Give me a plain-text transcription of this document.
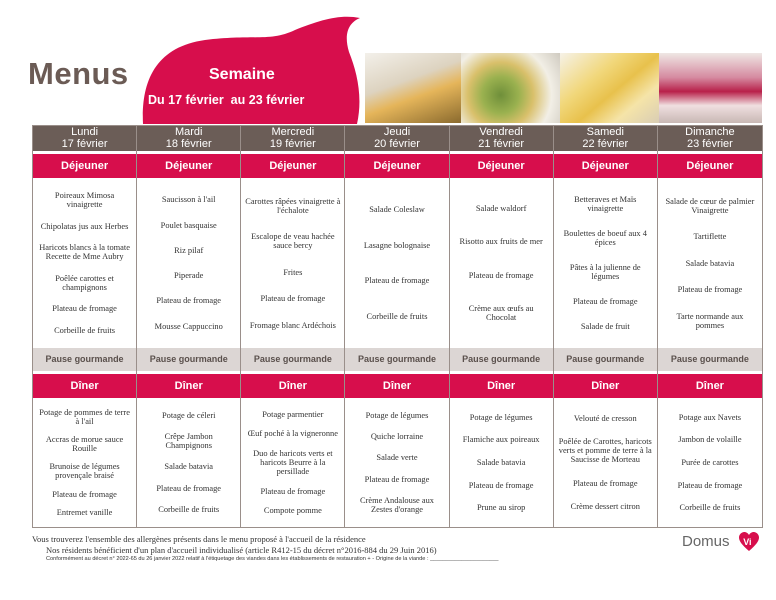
Menus	Semaine
Du 17 février  au 23 février
Lundi
17 février
Déjeuner
Poireaux Mimosa vinaigrette
Chipolatas jus aux Herbes
Haricots blancs à la tomate
Recette de Mme Aubry
Poêlée carottes et champignons
Plateau de fromage
Corbeille de fruits
Pause gourmande
Dîner
Potage de pommes de terre à l'ail
Accras de morue sauce Rouille
Brunoise de légumes provençale braisé
Plateau de fromage
Entremet vanille
Mardi
18 février
Déjeuner
Saucisson à l'ail
Poulet basquaise
Riz pilaf
Piperade
Plateau de fromage
Mousse Cappuccino
Pause gourmande
Dîner
Potage de céleri
Crêpe Jambon Champignons
Salade batavia
Plateau de fromage
Corbeille de fruits
Mercredi
19 février
Déjeuner
Carottes râpées vinaigrette à l'échalote
Escalope de veau hachée sauce bercy
Frites
Plateau de fromage
Fromage blanc Ardéchois
Pause gourmande
Dîner
Potage parmentier
Œuf poché à la vigneronne
Duo de haricots verts et haricots Beurre à la persillade
Plateau de fromage
Compote pomme
Jeudi
20 février
Déjeuner
Salade Coleslaw
Lasagne bolognaise
Plateau de fromage
Corbeille de fruits
Pause gourmande
Dîner
Potage de légumes
Quiche lorraine
Salade verte
Plateau de fromage
Crème Andalouse aux Zestes d'orange
Vendredi
21 février
Déjeuner
Salade waldorf
Risotto aux fruits de mer
Plateau de fromage
Crème aux œufs au Chocolat
Pause gourmande
Dîner
Potage de légumes
Flamiche aux poireaux
Salade batavia
Plateau de fromage
Prune au sirop
Samedi
22 février
Déjeuner
Betteraves et Maïs vinaigrette
Boulettes de boeuf aux 4 épices
Pâtes à la julienne de légumes
Plateau de fromage
Salade de fruit
Pause gourmande
Dîner
Velouté de cresson
Poêlée de Carottes, haricots verts et pomme de terre à la Saucisse de Morteau
Plateau de fromage
Crème dessert citron
Dimanche
23 février
Déjeuner
Salade de cœur de palmier Vinaigrette
Tartiflette
Salade batavia
Plateau de fromage
Tarte normande aux pommes
Pause gourmande
Dîner
Potage aux Navets
Jambon de volaille
Purée de carottes
Plateau de fromage
Corbeille de fruits
Vous trouverez l'ensemble des allergènes présents dans le menu proposé à l'accueil de la résidence
Nos résidents bénéficient d'un plan d'accueil individualisé (article R412-15 du décret n°2016-884 du 29 Juin 2016)
Conformément au décret n° 2022-65 du 26 janvier 2022 relatif à l'étiquetage des viandes dans les établissements de restauration + - Origine de la viande : ______________________
Domus Vi
